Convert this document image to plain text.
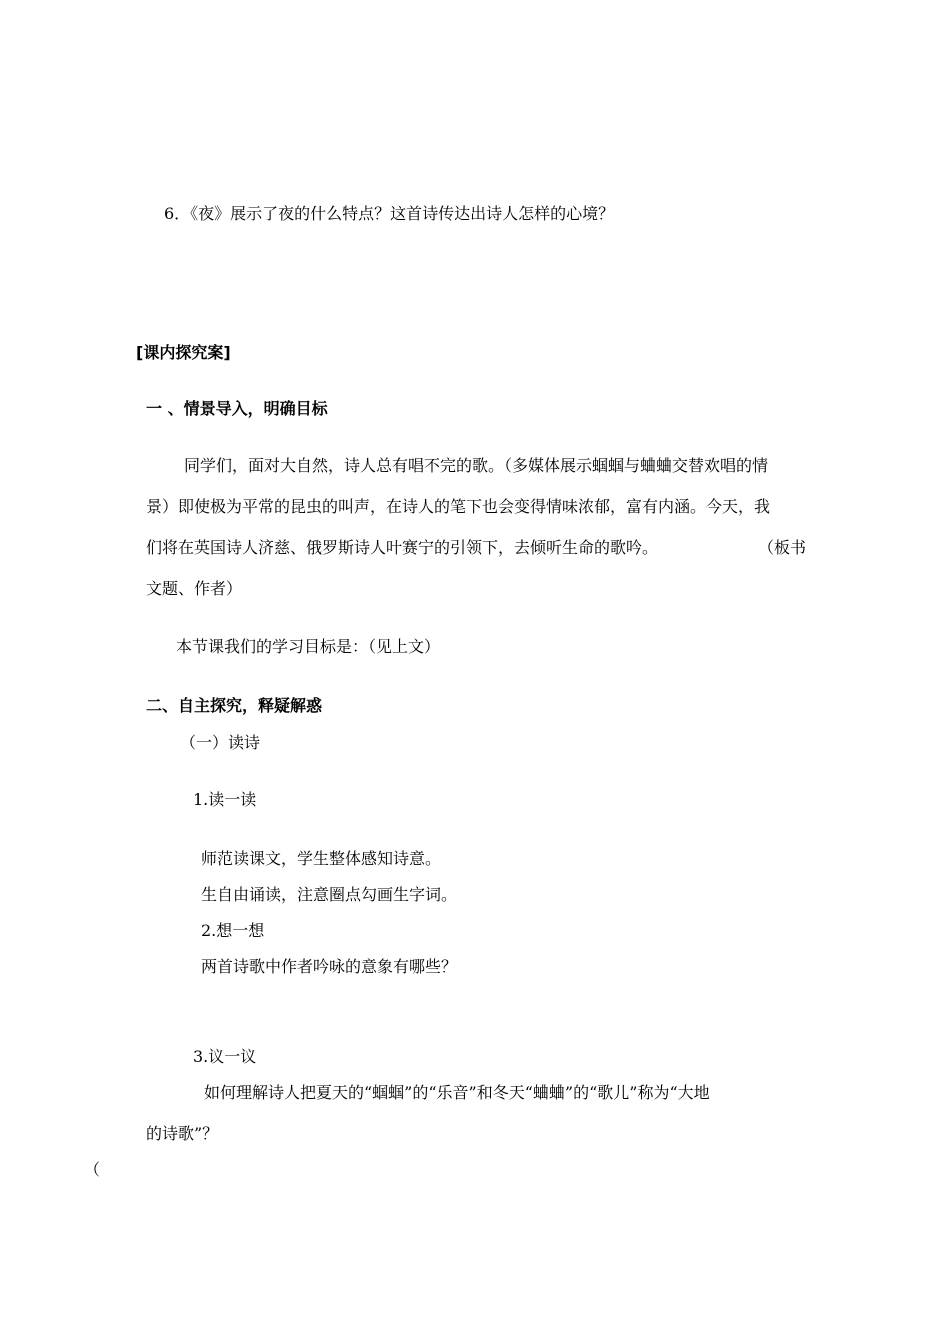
6．《夜》展示了夜的什么特点？这首诗传达出诗人怎样的心境？
[课内探究案]
一 、情景导入，明确目标
同学们，面对大自然，诗人总有唱不完的歌。（多媒体展示蝈蝈与蛐蛐交替欢唱的情
景）即使极为平常的昆虫的叫声，在诗人的笔下也会变得情味浓郁，富有内涵。今天，我
们将在英国诗人济慈、俄罗斯诗人叶赛宁的引领下，去倾听生命的歌吟。	（板书
文题、作者）
本节课我们的学习目标是：（见上文）
二、自主探究，释疑解惑
（一）读诗
1.读一读
师范读课文，学生整体感知诗意。
生自由诵读，注意圈点勾画生字词。
2.想一想
两首诗歌中作者吟咏的意象有哪些？
3.议一议
如何理解诗人把夏天的“蝈蝈”的“乐音”和冬天“蛐蛐”的“歌儿”称为“大地
的诗歌”？
（
